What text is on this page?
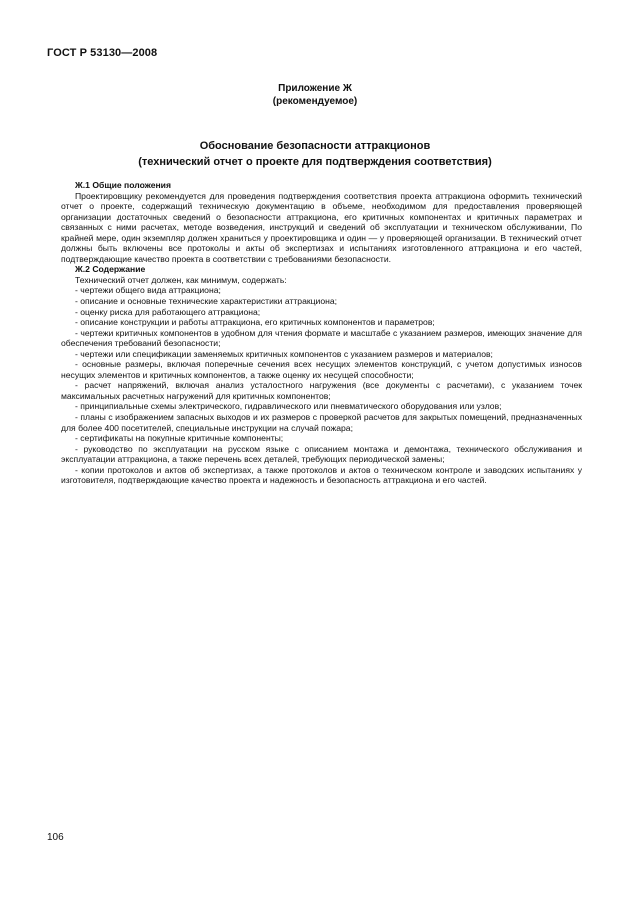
ГОСТ Р 53130—2008
Приложение Ж
(рекомендуемое)
Обоснование безопасности аттракционов
(технический отчет о проекте для подтверждения соответствия)

Ж.1 Общие положения

Проектировщику рекомендуется для проведения подтверждения соответствия проекта аттракциона оформить технический отчет о проекте, содержащий техническую документацию в объеме, необходимом для предоставления проверяющей организации достаточных сведений о безопасности аттракциона, его критичных компонентах и критичных параметрах и связанных с ними расчетах, методе возведения, инструкций и сведений об эксплуатации и техническом обслуживании, По крайней мере, один экземпляр должен храниться у проектировщика и один — у проверяющей организации. В технический отчет должны быть включены все протоколы и акты об экспертизах и испытаниях изготовленного аттракциона и его частей, подтверждающие качество проекта в соответствии с требованиями безопасности.

Ж.2 Содержание

Технический отчет должен, как минимум, содержать:

- чертежи общего вида аттракциона;

- описание и основные технические характеристики аттракциона;

- оценку риска для работающего аттракциона;

- описание конструкции и работы аттракциона, его критичных компонентов и параметров;

- чертежи критичных компонентов в удобном для чтения формате и масштабе с указанием размеров, имеющих значение для обеспечения требований безопасности;

- чертежи или спецификации заменяемых критичных компонентов с указанием размеров и материалов;

- основные размеры, включая поперечные сечения всех несущих элементов конструкций, с учетом допустимых износов несущих элементов и критичных компонентов, а также оценку их несущей способности;

- расчет напряжений, включая анализ усталостного нагружения (все документы с расчетами), с указанием точек максимальных расчетных нагружений для критичных компонентов;

- принципиальные схемы электрического, гидравлического или пневматического оборудования или узлов;

- планы с изображением запасных выходов и их размеров с проверкой расчетов для закрытых помещений, предназначенных для более 400 посетителей, специальные инструкции на случай пожара;

- сертификаты на покупные критичные компоненты;

- руководство по эксплуатации на русском языке с описанием монтажа и демонтажа, технического обслуживания и эксплуатации аттракциона, а также перечень всех деталей, требующих периодической замены;

- копии протоколов и актов об экспертизах, а также протоколов и актов о техническом контроле и заводских испытаниях у изготовителя, подтверждающие качество проекта и надежность и безопасность аттракциона и его частей.

106
